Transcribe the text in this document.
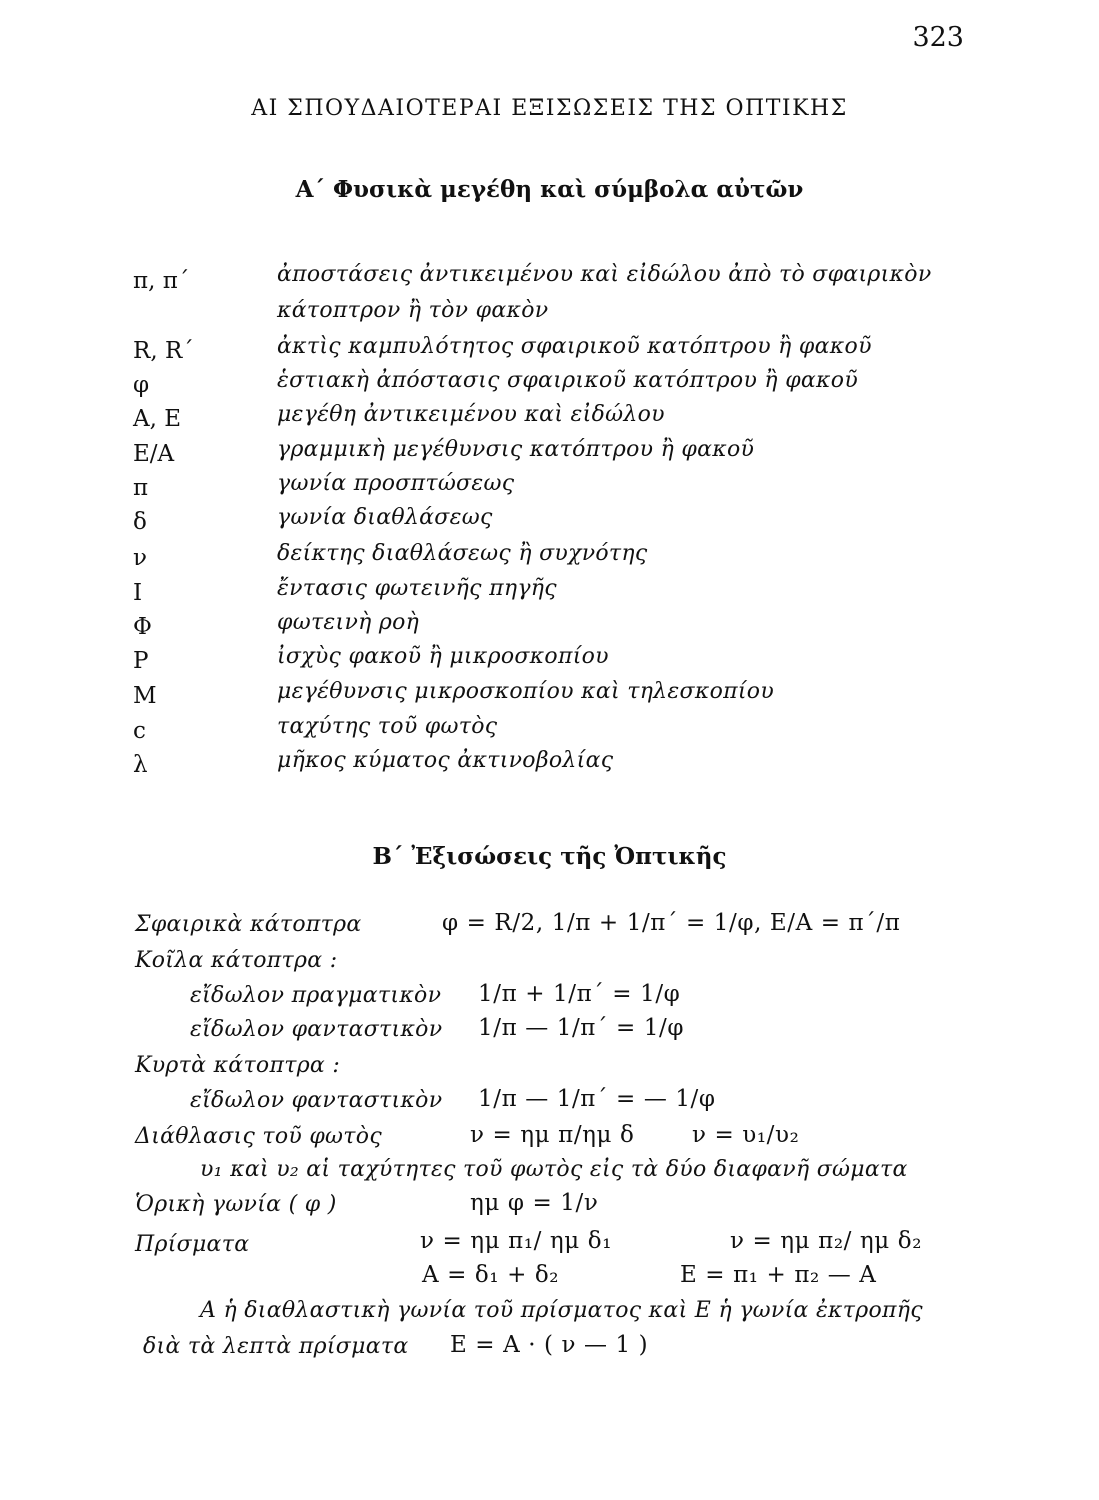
323
ΑΙ ΣΠΟΥΔΑΙΟΤΕΡΑΙ ΕΞΙΣΩΣΕΙΣ ΤΗΣ ΟΠΤΙΚΗΣ
Α΄ Φυσικὰ μεγέθη καὶ σύμβολα αὐτῶν
π, π΄	ἀποστάσεις ἀντικειμένου καὶ εἰδώλου ἀπὸ τὸ σφαιρικὸν
κάτοπτρον ἢ τὸν φακὸν
R, R΄	ἀκτὶς καμπυλότητος σφαιρικοῦ κατόπτρου ἢ φακοῦ
φ	ἑστιακὴ ἀπόστασις σφαιρικοῦ κατόπτρου ἢ φακοῦ
Α, Ε	μεγέθη ἀντικειμένου καὶ εἰδώλου
Ε/Α	γραμμικὴ μεγέθυνσις κατόπτρου ἢ φακοῦ
π	γωνία προσπτώσεως
δ	γωνία διαθλάσεως
ν	δείκτης διαθλάσεως ἢ συχνότης
Ι	ἔντασις φωτεινῆς πηγῆς
Φ	φωτεινὴ ροὴ
Ρ	ἰσχὺς φακοῦ ἢ μικροσκοπίου
Μ	μεγέθυνσις μικροσκοπίου καὶ τηλεσκοπίου
c	ταχύτης τοῦ φωτὸς
λ	μῆκος κύματος ἀκτινοβολίας
Β΄ Ἐξισώσεις τῆς Ὀπτικῆς
Σφαιρικὰ κάτοπτρα	φ = R/2, 1/π + 1/π΄ = 1/φ, Ε/Α = π΄/π
Κοῖλα κάτοπτρα :
εἴδωλον πραγματικὸν 1/π + 1/π΄ = 1/φ
εἴδωλον φανταστικὸν 1/π — 1/π΄ = 1/φ
Κυρτὰ κάτοπτρα :
εἴδωλον φανταστικὸν 1/π — 1/π΄ = — 1/φ
Διάθλασις τοῦ φωτὸς	ν = ημ π/ημ δ	ν = υ₁/υ₂
υ₁ καὶ υ₂ αἱ ταχύτητες τοῦ φωτὸς εἰς τὰ δύο διαφανῆ σώματα
Ὁρικὴ γωνία ( φ )	ημ φ = 1/ν
Πρίσματα	ν = ημ π₁/ ημ δ₁	ν = ημ π₂/ ημ δ₂
Α = δ₁ + δ₂	Ε = π₁ + π₂ — Α
Α ἡ διαθλαστικὴ γωνία τοῦ πρίσματος καὶ Ε ἡ γωνία ἐκτροπῆς
διὰ τὰ λεπτὰ πρίσματα Ε = Α · ( ν — 1 )
